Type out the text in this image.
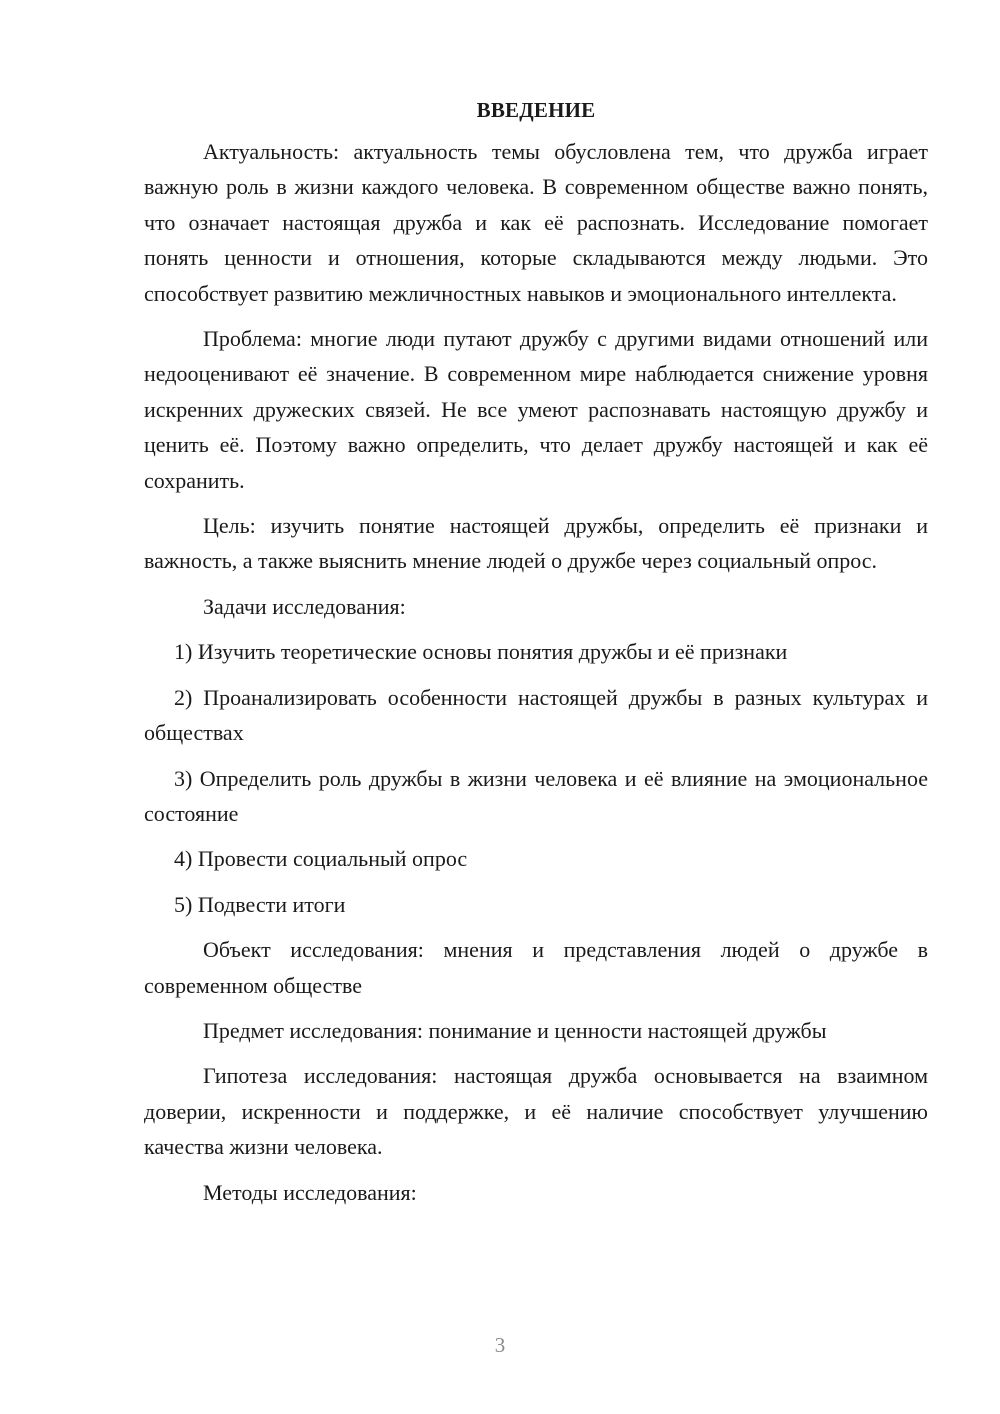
ВВЕДЕНИЕ

Актуальность: актуальность темы обусловлена тем, что дружба играет важную роль в жизни каждого человека. В современном обществе важно понять, что означает настоящая дружба и как её распознать. Исследование помогает понять ценности и отношения, которые складываются между людьми. Это способствует развитию межличностных навыков и эмоционального интеллекта.

Проблема: многие люди путают дружбу с другими видами отношений или недооценивают её значение. В современном мире наблюдается снижение уровня искренних дружеских связей. Не все умеют распознавать настоящую дружбу и ценить её. Поэтому важно определить, что делает дружбу настоящей и как её сохранить.

Цель: изучить понятие настоящей дружбы, определить её признаки и важность, а также выяснить мнение людей о дружбе через социальный опрос.

Задачи исследования:

1) Изучить теоретические основы понятия дружбы и её признаки

2) Проанализировать особенности настоящей дружбы в разных культурах и обществах

3) Определить роль дружбы в жизни человека и её влияние на эмоциональное состояние

4) Провести социальный опрос

5) Подвести итоги

Объект исследования: мнения и представления людей о дружбе в современном обществе

Предмет исследования: понимание и ценности настоящей дружбы

Гипотеза исследования: настоящая дружба основывается на взаимном доверии, искренности и поддержке, и её наличие способствует улучшению качества жизни человека.

Методы исследования:

3
